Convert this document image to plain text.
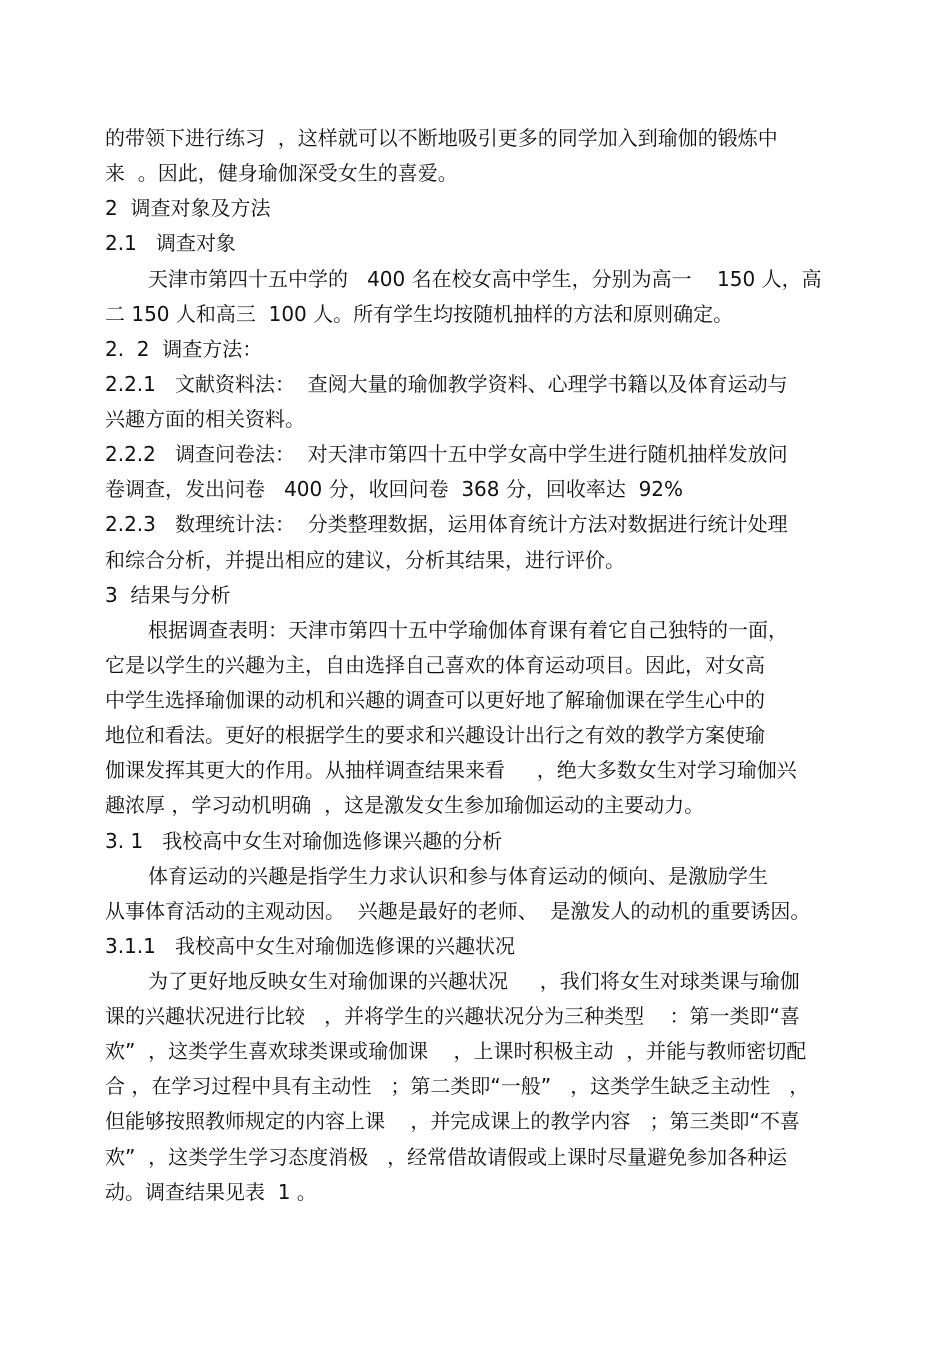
的带领下进行练习  ，这样就可以不断地吸引更多的同学加入到瑜伽的锻炼中
来  。因此，健身瑜伽深受女生的喜爱。
2  调查对象及方法
2.1   调查对象
天津市第四十五中学的   400 名在校女高中学生，分别为高一    150 人，高
二 150 人和高三  100 人。所有学生均按随机抽样的方法和原则确定。
2.  2  调查方法：
2.2.1   文献资料法：  查阅大量的瑜伽教学资料、心理学书籍以及体育运动与
兴趣方面的相关资料。
2.2.2   调查问卷法：  对天津市第四十五中学女高中学生进行随机抽样发放问
卷调查，发出问卷   400 分，收回问卷  368 分，回收率达  92%
2.2.3   数理统计法：  分类整理数据，运用体育统计方法对数据进行统计处理
和综合分析，并提出相应的建议，分析其结果，进行评价。
3  结果与分析
根据调查表明：天津市第四十五中学瑜伽体育课有着它自己独特的一面，
它是以学生的兴趣为主，自由选择自己喜欢的体育运动项目。因此，对女高
中学生选择瑜伽课的动机和兴趣的调查可以更好地了解瑜伽课在学生心中的
地位和看法。更好的根据学生的要求和兴趣设计出行之有效的教学方案使瑜
伽课发挥其更大的作用。从抽样调查结果来看     ，绝大多数女生对学习瑜伽兴
趣浓厚 ，学习动机明确  ，这是激发女生参加瑜伽运动的主要动力。
3. 1   我校高中女生对瑜伽选修课兴趣的分析
体育运动的兴趣是指学生力求认识和参与体育运动的倾向、是激励学生
从事体育活动的主观动因。  兴趣是最好的老师、  是激发人的动机的重要诱因。
3.1.1   我校高中女生对瑜伽选修课的兴趣状况
为了更好地反映女生对瑜伽课的兴趣状况     ，我们将女生对球类课与瑜伽
课的兴趣状况进行比较   ，并将学生的兴趣状况分为三种类型    ：第一类即“喜
欢”  ，这类学生喜欢球类课或瑜伽课    ，上课时积极主动  ，并能与教师密切配
合 ，在学习过程中具有主动性   ；第二类即“一般”   ，这类学生缺乏主动性   ，
但能够按照教师规定的内容上课    ，并完成课上的教学内容   ；第三类即“不喜
欢”  ，这类学生学习态度消极   ，经常借故请假或上课时尽量避免参加各种运
动。调查结果见表  1 。
